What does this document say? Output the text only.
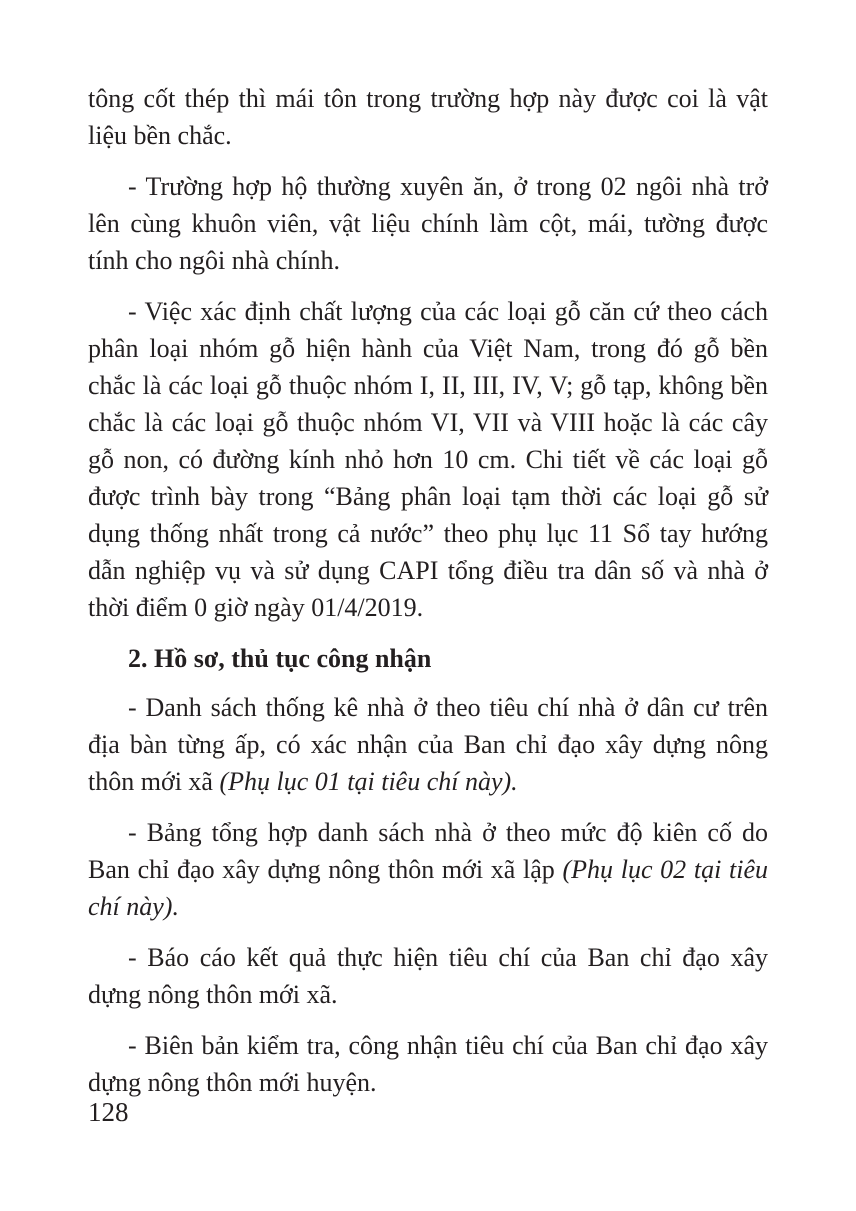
tông cốt thép thì mái tôn trong trường hợp này được coi là vật liệu bền chắc.

- Trường hợp hộ thường xuyên ăn, ở trong 02 ngôi nhà trở lên cùng khuôn viên, vật liệu chính làm cột, mái, tường được tính cho ngôi nhà chính.

- Việc xác định chất lượng của các loại gỗ căn cứ theo cách phân loại nhóm gỗ hiện hành của Việt Nam, trong đó gỗ bền chắc là các loại gỗ thuộc nhóm I, II, III, IV, V; gỗ tạp, không bền chắc là các loại gỗ thuộc nhóm VI, VII và VIII hoặc là các cây gỗ non, có đường kính nhỏ hơn 10 cm. Chi tiết về các loại gỗ được trình bày trong “Bảng phân loại tạm thời các loại gỗ sử dụng thống nhất trong cả nước” theo phụ lục 11 Sổ tay hướng dẫn nghiệp vụ và sử dụng CAPI tổng điều tra dân số và nhà ở thời điểm 0 giờ ngày 01/4/2019.

2. Hồ sơ, thủ tục công nhận

- Danh sách thống kê nhà ở theo tiêu chí nhà ở dân cư trên địa bàn từng ấp, có xác nhận của Ban chỉ đạo xây dựng nông thôn mới xã (Phụ lục 01 tại tiêu chí này).

- Bảng tổng hợp danh sách nhà ở theo mức độ kiên cố do Ban chỉ đạo xây dựng nông thôn mới xã lập (Phụ lục 02 tại tiêu chí này).

- Báo cáo kết quả thực hiện tiêu chí của Ban chỉ đạo xây dựng nông thôn mới xã.

- Biên bản kiểm tra, công nhận tiêu chí của Ban chỉ đạo xây dựng nông thôn mới huyện.

128
